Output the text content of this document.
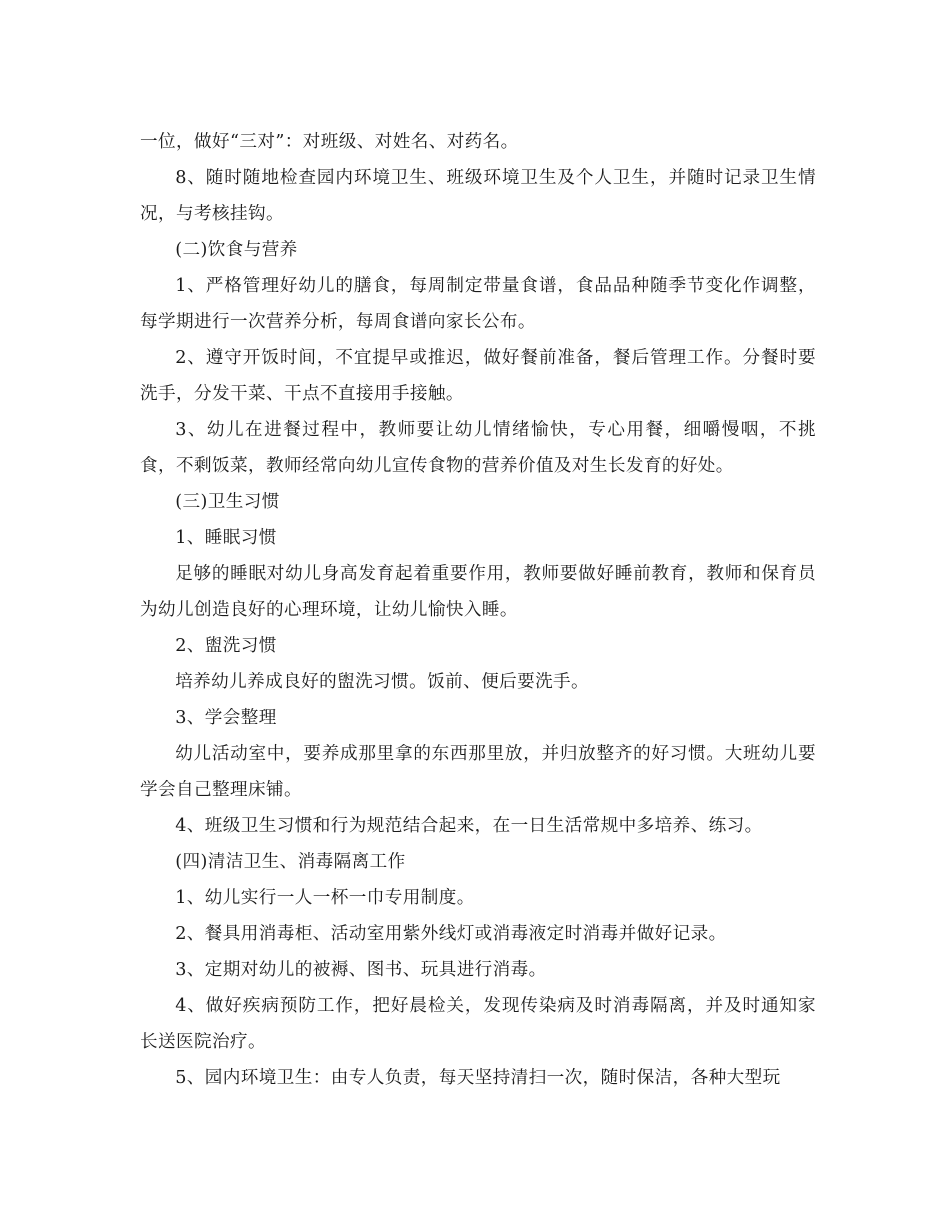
一位，做好“三对”：对班级、对姓名、对药名。

8、随时随地检查园内环境卫生、班级环境卫生及个人卫生，并随时记录卫生情况，与考核挂钩。

(二)饮食与营养

1、严格管理好幼儿的膳食，每周制定带量食谱，食品品种随季节变化作调整，每学期进行一次营养分析，每周食谱向家长公布。

2、遵守开饭时间，不宜提早或推迟，做好餐前准备，餐后管理工作。分餐时要洗手，分发干菜、干点不直接用手接触。

3、幼儿在进餐过程中，教师要让幼儿情绪愉快，专心用餐，细嚼慢咽，不挑食，不剩饭菜，教师经常向幼儿宣传食物的营养价值及对生长发育的好处。

(三)卫生习惯

1、睡眠习惯

足够的睡眠对幼儿身高发育起着重要作用，教师要做好睡前教育，教师和保育员为幼儿创造良好的心理环境，让幼儿愉快入睡。

2、盥洗习惯

培养幼儿养成良好的盥洗习惯。饭前、便后要洗手。

3、学会整理

幼儿活动室中，要养成那里拿的东西那里放，并归放整齐的好习惯。大班幼儿要学会自己整理床铺。

4、班级卫生习惯和行为规范结合起来，在一日生活常规中多培养、练习。

(四)清洁卫生、消毒隔离工作

1、幼儿实行一人一杯一巾专用制度。

2、餐具用消毒柜、活动室用紫外线灯或消毒液定时消毒并做好记录。

3、定期对幼儿的被褥、图书、玩具进行消毒。

4、做好疾病预防工作，把好晨检关，发现传染病及时消毒隔离，并及时通知家长送医院治疗。

5、园内环境卫生：由专人负责，每天坚持清扫一次，随时保洁，各种大型玩
